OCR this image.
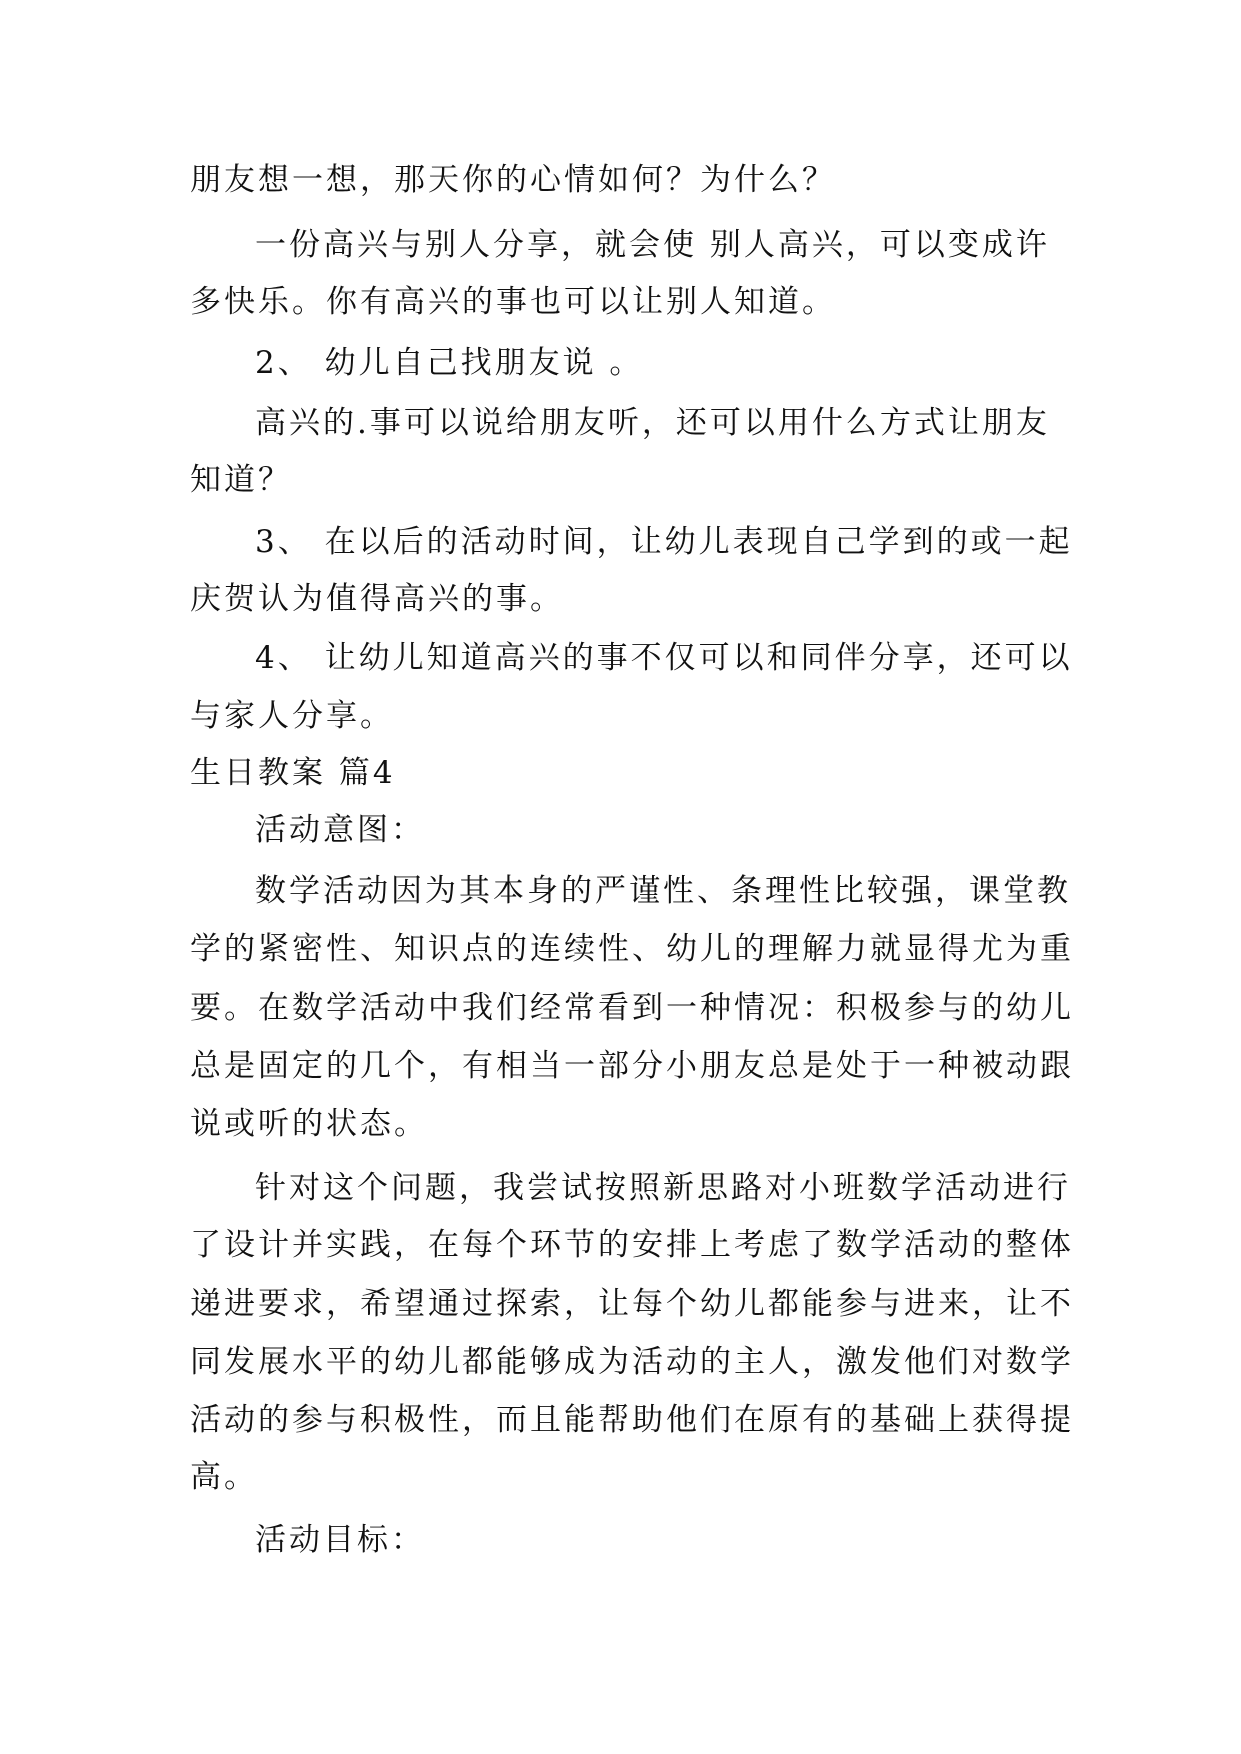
朋友想一想，那天你的心情如何？为什么？
一份高兴与别人分享，就会使 别人高兴，可以变成许
多快乐。你有高兴的事也可以让别人知道。
2、 幼儿自己找朋友说 。
高兴的.事可以说给朋友听，还可以用什么方式让朋友
知道？
3、 在以后的活动时间，让幼儿表现自己学到的或一起
庆贺认为值得高兴的事。
4、 让幼儿知道高兴的事不仅可以和同伴分享，还可以
与家人分享。
生日教案 篇4
活动意图：
数学活动因为其本身的严谨性、条理性比较强，课堂教
学的紧密性、知识点的连续性、幼儿的理解力就显得尤为重
要。在数学活动中我们经常看到一种情况：积极参与的幼儿
总是固定的几个，有相当一部分小朋友总是处于一种被动跟
说或听的状态。
针对这个问题，我尝试按照新思路对小班数学活动进行
了设计并实践，在每个环节的安排上考虑了数学活动的整体
递进要求，希望通过探索，让每个幼儿都能参与进来，让不
同发展水平的幼儿都能够成为活动的主人，激发他们对数学
活动的参与积极性，而且能帮助他们在原有的基础上获得提
高。
活动目标：
